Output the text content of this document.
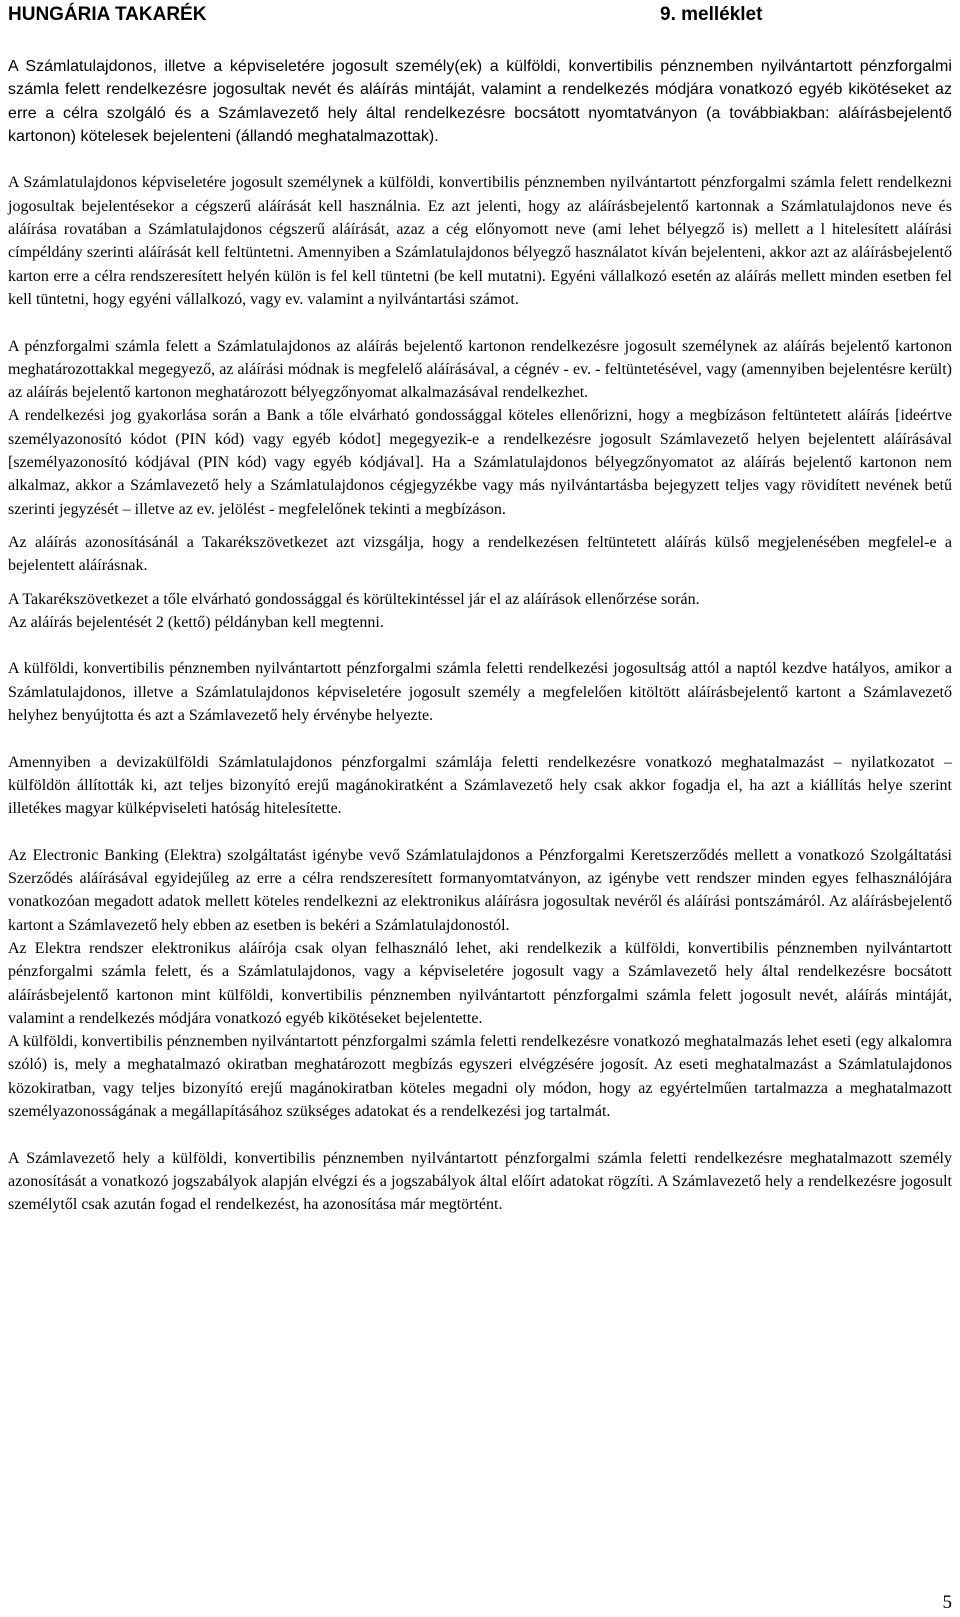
HUNGÁRIA TAKARÉK	9. melléklet

A Számlatulajdonos, illetve a képviseletére jogosult személy(ek) a külföldi, konvertibilis pénznemben nyilvántartott pénzforgalmi számla felett rendelkezésre jogosultak nevét és aláírás mintáját, valamint a rendelkezés módjára vonatkozó egyéb kikötéseket az erre a célra szolgáló és a Számlavezető hely által rendelkezésre bocsátott nyomtatványon (a továbbiakban: aláírásbejelentő kartonon) kötelesek bejelenteni (állandó meghatalmazottak).

A Számlatulajdonos képviseletére jogosult személynek a külföldi, konvertibilis pénznemben nyilvántartott pénzforgalmi számla felett rendelkezni jogosultak bejelentésekor a cégszerű aláírását kell használnia. Ez azt jelenti, hogy az aláírásbejelentő kartonnak a Számlatulajdonos neve és aláírása rovatában a Számlatulajdonos cégszerű aláírását, azaz a cég előnyomott neve (ami lehet bélyegző is) mellett a l hitelesített aláírási címpéldány szerinti aláírását kell feltüntetni. Amennyiben a Számlatulajdonos bélyegző használatot kíván bejelenteni, akkor azt az aláírásbejelentő karton erre a célra rendszeresített helyén külön is fel kell tüntetni (be kell mutatni). Egyéni vállalkozó esetén az aláírás mellett minden esetben fel kell tüntetni, hogy egyéni vállalkozó, vagy ev. valamint a nyilvántartási számot.

A pénzforgalmi számla felett a Számlatulajdonos az aláírás bejelentő kartonon rendelkezésre jogosult személynek az aláírás bejelentő kartonon meghatározottakkal megegyező, az aláírási módnak is megfelelő aláírásával, a cégnév - ev. - feltüntetésével, vagy (amennyiben bejelentésre került) az aláírás bejelentő kartonon meghatározott bélyegzőnyomat alkalmazásával rendelkezhet.

A rendelkezési jog gyakorlása során a Bank a tőle elvárható gondossággal köteles ellenőrizni, hogy a megbízáson feltüntetett aláírás [ideértve személyazonosító kódot (PIN kód) vagy egyéb kódot] megegyezik-e a rendelkezésre jogosult Számlavezető helyen bejelentett aláírásával [személyazonosító kódjával (PIN kód) vagy egyéb kódjával]. Ha a Számlatulajdonos bélyegzőnyomatot az aláírás bejelentő kartonon nem alkalmaz, akkor a Számlavezető hely a Számlatulajdonos cégjegyzékbe vagy más nyilvántartásba bejegyzett teljes vagy rövidített nevének betű szerinti jegyzését – illetve az ev. jelölést - megfelelőnek tekinti a megbízáson.

Az aláírás azonosításánál a Takarékszövetkezet azt vizsgálja, hogy a rendelkezésen feltüntetett aláírás külső megjelenésében megfelel-e a bejelentett aláírásnak.

A Takarékszövetkezet a tőle elvárható gondossággal és körültekintéssel jár el az aláírások ellenőrzése során.

Az aláírás bejelentését 2 (kettő) példányban kell megtenni.

A külföldi, konvertibilis pénznemben nyilvántartott pénzforgalmi számla feletti rendelkezési jogosultság attól a naptól kezdve hatályos, amikor a Számlatulajdonos, illetve a Számlatulajdonos képviseletére jogosult személy a megfelelően kitöltött aláírásbejelentő kartont a Számlavezető helyhez benyújtotta és azt a Számlavezető hely érvénybe helyezte.

Amennyiben a devizakülföldi Számlatulajdonos pénzforgalmi számlája feletti rendelkezésre vonatkozó meghatalmazást – nyilatkozatot – külföldön állították ki, azt teljes bizonyító erejű magánokiratként a Számlavezető hely csak akkor fogadja el, ha azt a kiállítás helye szerint illetékes magyar külképviseleti hatóság hitelesítette.

Az Electronic Banking (Elektra) szolgáltatást igénybe vevő Számlatulajdonos a Pénzforgalmi Keretszerződés mellett a vonatkozó Szolgáltatási Szerződés aláírásával egyidejűleg az erre a célra rendszeresített formanyomtatványon, az igénybe vett rendszer minden egyes felhasználójára vonatkozóan megadott adatok mellett köteles rendelkezni az elektronikus aláírásra jogosultak nevéről és aláírási pontszámáról. Az aláírásbejelentő kartont a Számlavezető hely ebben az esetben is bekéri a Számlatulajdonostól.

Az Elektra rendszer elektronikus aláírója csak olyan felhasználó lehet, aki rendelkezik a külföldi, konvertibilis pénznemben nyilvántartott pénzforgalmi számla felett, és a Számlatulajdonos, vagy a képviseletére jogosult vagy a Számlavezető hely által rendelkezésre bocsátott aláírásbejelentő kartonon mint külföldi, konvertibilis pénznemben nyilvántartott pénzforgalmi számla felett jogosult nevét, aláírás mintáját, valamint a rendelkezés módjára vonatkozó egyéb kikötéseket bejelentette.

A külföldi, konvertibilis pénznemben nyilvántartott pénzforgalmi számla feletti rendelkezésre vonatkozó meghatalmazás lehet eseti (egy alkalomra szóló) is, mely a meghatalmazó okiratban meghatározott megbízás egyszeri elvégzésére jogosít. Az eseti meghatalmazást a Számlatulajdonos közokiratban, vagy teljes bizonyító erejű magánokiratban köteles megadni oly módon, hogy az egyértelműen tartalmazza a meghatalmazott személyazonosságának a megállapításához szükséges adatokat és a rendelkezési jog tartalmát.

A Számlavezető hely a külföldi, konvertibilis pénznemben nyilvántartott pénzforgalmi számla feletti rendelkezésre meghatalmazott személy azonosítását a vonatkozó jogszabályok alapján elvégzi és a jogszabályok által előírt adatokat rögzíti. A Számlavezető hely a rendelkezésre jogosult személytől csak azután fogad el rendelkezést, ha azonosítása már megtörtént.

5
